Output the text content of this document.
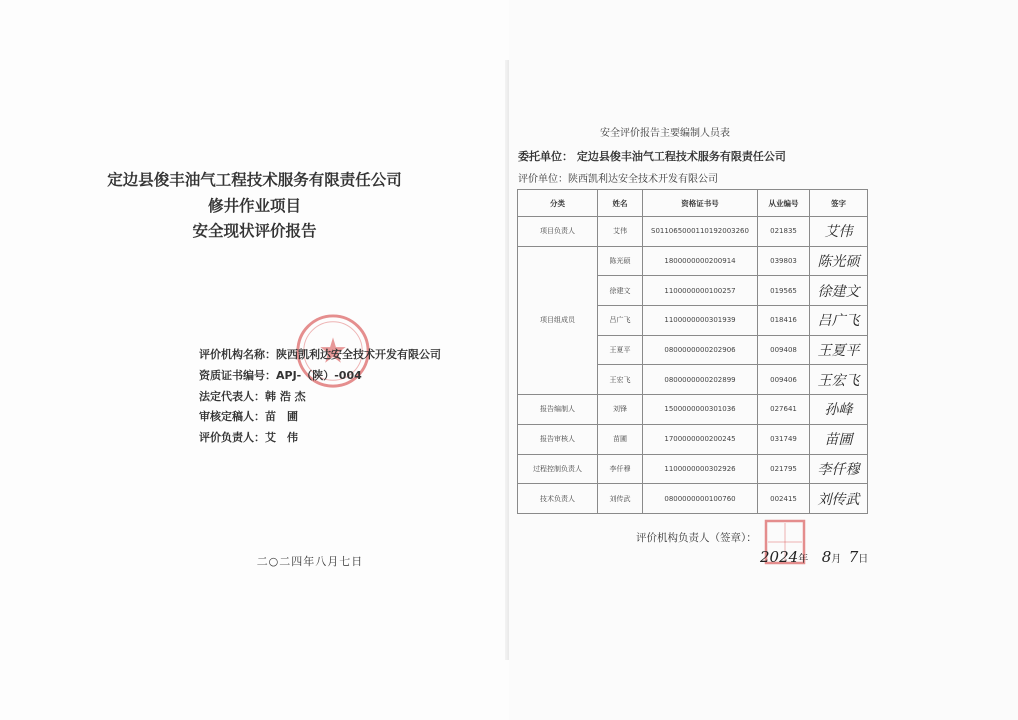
定边县俊丰油气工程技术服务有限责任公司
修井作业项目
安全现状评价报告
评价机构名称：陕西凯利达安全技术开发有限公司
资质证书编号：APJ-（陕）-004
法定代表人：韩 浩 杰
审核定稿人：苗　圃
评价负责人：艾　伟
二○二四年八月七日
安全评价报告主要编制人员表
委托单位： 定边县俊丰油气工程技术服务有限责任公司
评价单位：陕西凯利达安全技术开发有限公司
分类	姓名	资格证书号	从业编号	签字
项目负责人	艾伟	S011065000110192003260	021835	艾伟
项目组成员	陈光硕	1800000000200914	039803	陈光硕
	徐建文	1100000000100257	019565	徐建文
	吕广飞	1100000000301939	018416	吕广飞
	王夏平	0800000000202906	009408	王夏平
	王宏飞	0800000000202899	009406	王宏飞
报告编制人	刘锋	1500000000301036	027641	孙峰
报告审核人	苗圃	1700000000200245	031749	苗圃
过程控制负责人	李仟穆	1100000000302926	021795	李仟穆
技术负责人	刘传武	0800000000100760	002415	刘传武
评价机构负责人（签章）：
2024年 8月 7日
